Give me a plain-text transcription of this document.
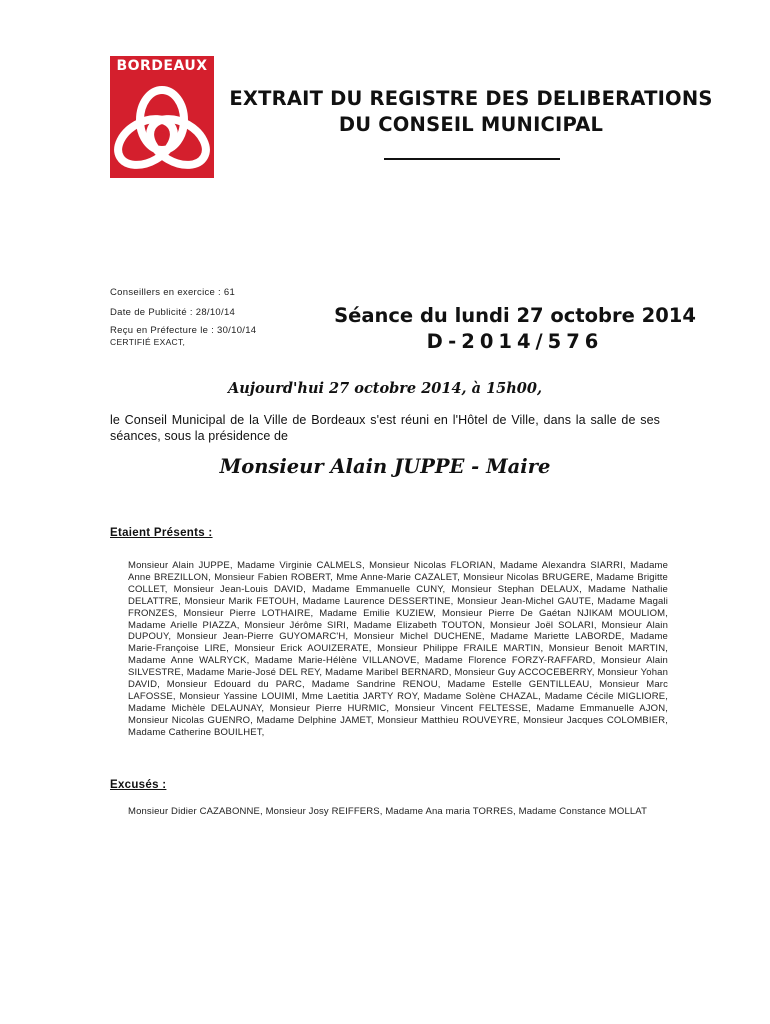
BORDEAUX
EXTRAIT DU REGISTRE DES DELIBERATIONS
DU CONSEIL MUNICIPAL
Conseillers en exercice : 61
Date de Publicité : 28/10/14
Reçu en Préfecture le : 30/10/14
CERTIFIÉ EXACT,
Séance du lundi 27 octobre 2014
D-2014/576
Aujourd'hui 27 octobre 2014, à 15h00,
le Conseil Municipal de la Ville de Bordeaux s'est réuni en l'Hôtel de Ville, dans la salle de ses séances, sous la présidence de
Monsieur Alain JUPPE - Maire
Etaient Présents :
Monsieur Alain JUPPE, Madame Virginie CALMELS, Monsieur Nicolas FLORIAN, Madame Alexandra SIARRI, Madame Anne BREZILLON, Monsieur Fabien ROBERT, Mme Anne-Marie CAZALET, Monsieur Nicolas BRUGERE, Madame Brigitte COLLET, Monsieur Jean-Louis DAVID, Madame Emmanuelle CUNY, Monsieur Stephan DELAUX, Madame Nathalie DELATTRE, Monsieur Marik FETOUH, Madame Laurence DESSERTINE, Monsieur Jean-Michel GAUTE, Madame Magali FRONZES, Monsieur Pierre LOTHAIRE, Madame Emilie KUZIEW, Monsieur Pierre De Gaétan NJIKAM MOULIOM, Madame Arielle PIAZZA, Monsieur Jérôme SIRI, Madame Elizabeth TOUTON, Monsieur Joël SOLARI, Monsieur Alain DUPOUY, Monsieur Jean-Pierre GUYOMARC'H, Monsieur Michel DUCHENE, Madame Mariette LABORDE, Madame Marie-Françoise LIRE, Monsieur Erick AOUIZERATE, Monsieur Philippe FRAILE MARTIN, Monsieur Benoit MARTIN, Madame Anne WALRYCK, Madame Marie-Hélène VILLANOVE, Madame Florence FORZY-RAFFARD, Monsieur Alain SILVESTRE, Madame Marie-José DEL REY, Madame Maribel BERNARD, Monsieur Guy ACCOCEBERRY, Monsieur Yohan DAVID, Monsieur Edouard du PARC, Madame Sandrine RENOU, Madame Estelle GENTILLEAU, Monsieur Marc LAFOSSE, Monsieur Yassine LOUIMI, Mme Laetitia JARTY ROY, Madame Solène CHAZAL, Madame Cécile MIGLIORE, Madame Michèle DELAUNAY, Monsieur Pierre HURMIC, Monsieur Vincent FELTESSE, Madame Emmanuelle AJON, Monsieur Nicolas GUENRO, Madame Delphine JAMET, Monsieur Matthieu ROUVEYRE, Monsieur Jacques COLOMBIER, Madame Catherine BOUILHET,
Excusés :
Monsieur Didier CAZABONNE, Monsieur Josy REIFFERS, Madame Ana maria TORRES, Madame Constance MOLLAT
